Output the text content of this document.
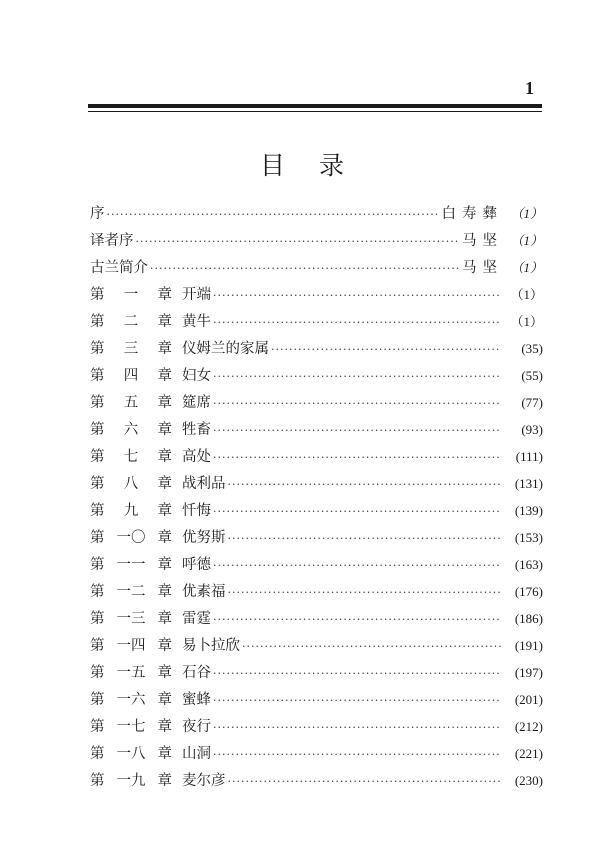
1
目录
序 ·····	白寿彝 （1）
译者序 ·····	马坚 （1）
古兰简介 ·····	马坚 （1）
第 一 章 开端 ·····	（1）
第 二 章 黄牛 ·····	（1）
第 三 章 仪姆兰的家属 ·····	(35)
第 四 章 妇女 ·····	(55)
第 五 章 筵席 ·····	(77)
第 六 章 牲畜 ·····	(93)
第 七 章 高处 ·····	(111)
第 八 章 战利品 ·····	(131)
第 九 章 忏悔 ·····	(139)
第 一〇 章 优努斯 ·····	(153)
第 一一 章 呼德 ·····	(163)
第 一二 章 优素福 ·····	(176)
第 一三 章 雷霆 ·····	(186)
第 一四 章 易卜拉欣 ·····	(191)
第 一五 章 石谷 ·····	(197)
第 一六 章 蜜蜂 ·····	(201)
第 一七 章 夜行 ·····	(212)
第 一八 章 山洞 ·····	(221)
第 一九 章 麦尔彦 ·····	(230)
